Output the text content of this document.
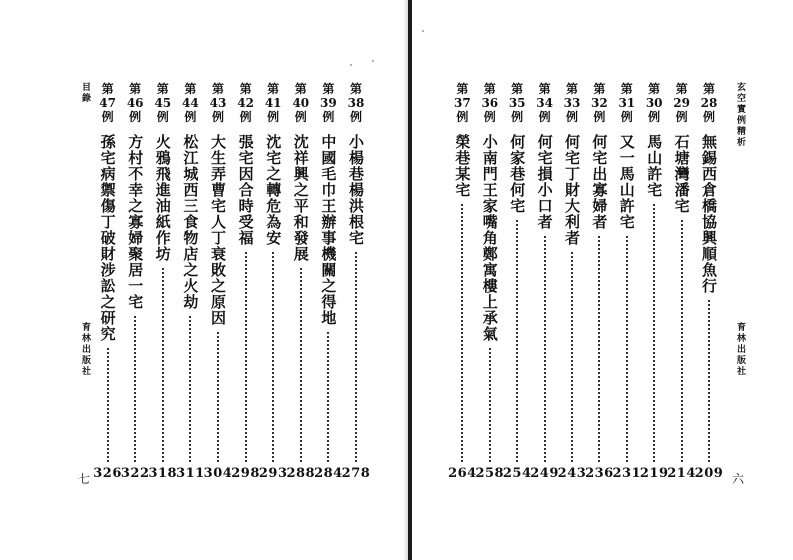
目錄
育林出版社
七
第
38
例
小楊巷楊洪根宅
278
第
39
例
中國毛巾王辦事機關之得地
284
第
40
例
沈祥興之平和發展
288
第
41
例
沈宅之轉危為安
293
第
42
例
張宅因合時受福
298
第
43
例
大生弄曹宅人丁衰敗之原因
304
第
44
例
松江城西三食物店之火劫
311
第
45
例
火鴉飛進油紙作坊
318
第
46
例
方村不幸之寡婦聚居一宅
322
第
47
例
孫宅病禦傷丁破財涉訟之研究
326
玄空實例精析
育林出版社
六
第
28
例
無錫西倉橋協興順魚行
209
第
29
例
石塘灣潘宅
214
第
30
例
馬山許宅
219
第
31
例
又一馬山許宅
231
第
32
例
何宅出寡婦者
236
第
33
例
何宅丁財大利者
243
第
34
例
何宅損小口者
249
第
35
例
何家巷何宅
254
第
36
例
小南門王家嘴角鄭寓樓上承氣
258
第
37
例
榮巷某宅
264
